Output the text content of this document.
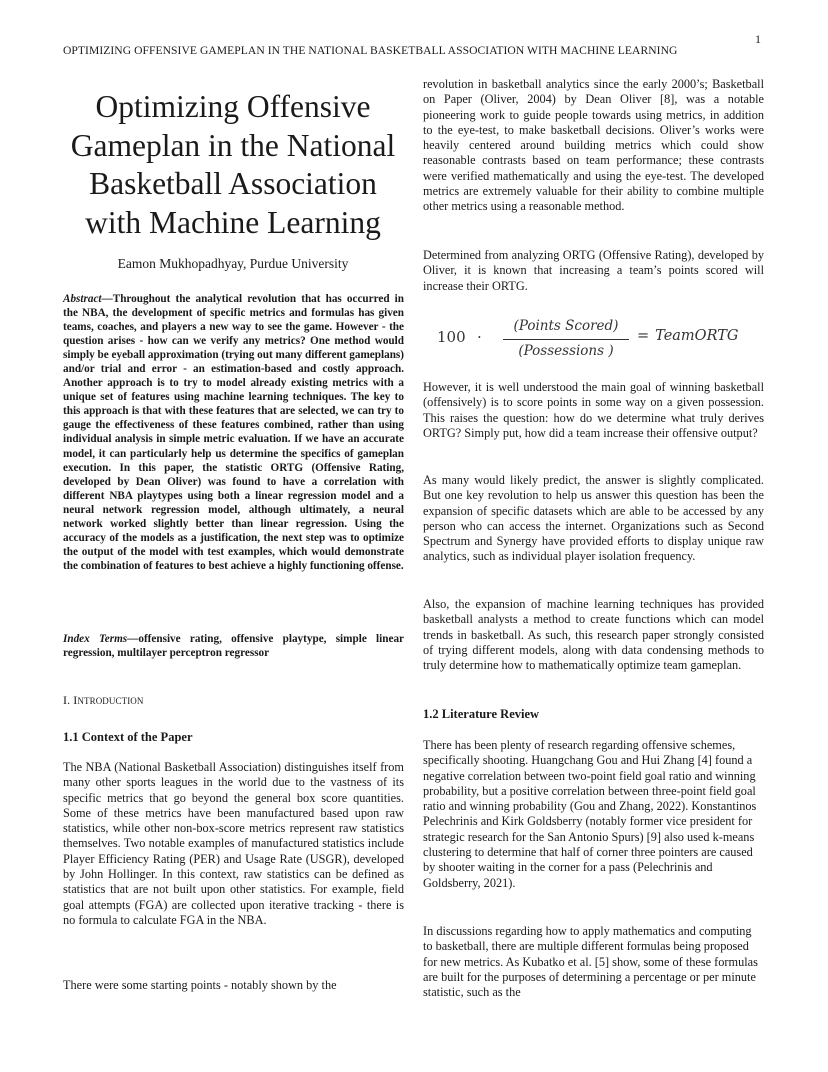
OPTIMIZING OFFENSIVE GAMEPLAN IN THE NATIONAL BASKETBALL ASSOCIATION WITH MACHINE LEARNING
1
Optimizing Offensive Gameplan in the National Basketball Association with Machine Learning
Eamon Mukhopadhyay, Purdue University
Abstract—Throughout the analytical revolution that has occurred in the NBA, the development of specific metrics and formulas has given teams, coaches, and players a new way to see the game. However - the question arises - how can we verify any metrics? One method would simply be eyeball approximation (trying out many different gameplans) and/or trial and error - an estimation-based and costly approach. Another approach is to try to model already existing metrics with a unique set of features using machine learning techniques. The key to this approach is that with these features that are selected, we can try to gauge the effectiveness of these features combined, rather than using individual analysis in simple metric evaluation. If we have an accurate model, it can particularly help us determine the specifics of gameplan execution. In this paper, the statistic ORTG (Offensive Rating, developed by Dean Oliver) was found to have a correlation with different NBA playtypes using both a linear regression model and a neural network regression model, although ultimately, a neural network worked slightly better than linear regression. Using the accuracy of the models as a justification, the next step was to optimize the output of the model with test examples, which would demonstrate the combination of features to best achieve a highly functioning offense.
Index Terms—offensive rating, offensive playtype, simple linear regression, multilayer perceptron regressor
I. INTRODUCTION
1.1 Context of the Paper
The NBA (National Basketball Association) distinguishes itself from many other sports leagues in the world due to the vastness of its specific metrics that go beyond the general box score quantities. Some of these metrics have been manufactured based upon raw statistics, while other non-box-score metrics represent raw statistics themselves. Two notable examples of manufactured statistics include Player Efficiency Rating (PER) and Usage Rate (USGR), developed by John Hollinger. In this context, raw statistics can be defined as statistics that are not built upon other statistics. For example, field goal attempts (FGA) are collected upon iterative tracking - there is no formula to calculate FGA in the NBA.
There were some starting points - notably shown by the
revolution in basketball analytics since the early 2000’s; Basketball on Paper (Oliver, 2004) by Dean Oliver [8], was a notable pioneering work to guide people towards using metrics, in addition to the eye-test, to make basketball decisions. Oliver’s works were heavily centered around building metrics which could show reasonable contrasts based on team performance; these contrasts were verified mathematically and using the eye-test. The developed metrics are extremely valuable for their ability to combine multiple other metrics using a reasonable method.
Determined from analyzing ORTG (Offensive Rating), developed by Oliver, it is known that increasing a team’s points scored will increase their ORTG.
100 ·
(Points Scored)
(Possessions )
= TeamORTG
However, it is well understood the main goal of winning basketball (offensively) is to score points in some way on a given possession. This raises the question: how do we determine what truly derives ORTG? Simply put, how did a team increase their offensive output?
As many would likely predict, the answer is slightly complicated. But one key revolution to help us answer this question has been the expansion of specific datasets which are able to be accessed by any person who can access the internet. Organizations such as Second Spectrum and Synergy have provided efforts to display unique raw analytics, such as individual player isolation frequency.
Also, the expansion of machine learning techniques has provided basketball analysts a method to create functions which can model trends in basketball. As such, this research paper strongly consisted of trying different models, along with data condensing methods to truly determine how to mathematically optimize team gameplan.
1.2 Literature Review
There has been plenty of research regarding offensive schemes, specifically shooting. Huangchang Gou and Hui Zhang [4] found a negative correlation between two-point field goal ratio and winning probability, but a positive correlation between three-point field goal ratio and winning probability (Gou and Zhang, 2022). Konstantinos Pelechrinis and Kirk Goldsberry (notably former vice president for strategic research for the San Antonio Spurs) [9] also used k-means clustering to determine that half of corner three pointers are caused by shooter waiting in the corner for a pass (Pelechrinis and Goldsberry, 2021).
In discussions regarding how to apply mathematics and computing to basketball, there are multiple different formulas being proposed for new metrics. As Kubatko et al. [5] show, some of these formulas are built for the purposes of determining a percentage or per minute statistic, such as the
